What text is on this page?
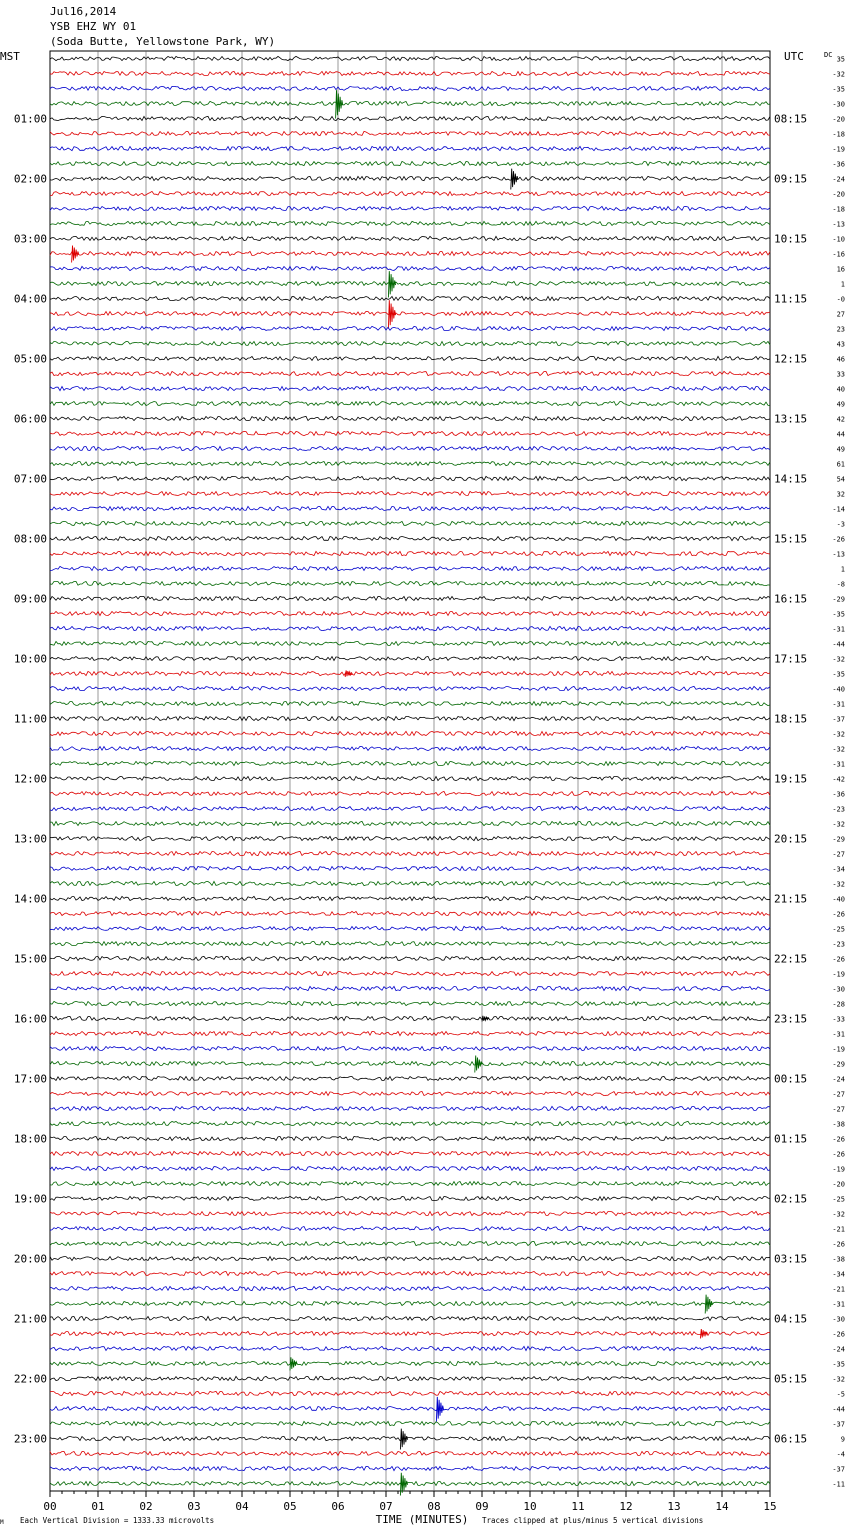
Jul16,2014
YSB EHZ WY 01
(Soda Butte, Yellowstone Park, WY)
MST	UTC	DC
01:00
02:00
03:00
04:00
05:00
06:00
07:00
08:00
09:00
10:00
11:00
12:00
13:00
14:00
15:00
16:00
17:00
18:00
19:00
20:00
21:00
22:00
23:00
08:15
09:15
10:15
11:15
12:15
13:15
14:15
15:15
16:15
17:15
18:15
19:15
20:15
21:15
22:15
23:15
00:15
01:15
02:15
03:15
04:15
05:15
06:15
35
-32
-35
-30
-20
-18
-19
-36
-24
-20
-18
-13
-10
-16
16
1
-0
27
23
43
46
33
40
49
42
44
49
61
54
32
-14
-3
-26
-13
1
-8
-29
-35
-31
-44
-32
-35
-40
-31
-37
-32
-32
-31
-42
-36
-23
-32
-29
-27
-34
-32
-40
-26
-25
-23
-26
-19
-30
-28
-33
-31
-19
-29
-24
-27
-27
-38
-26
-26
-19
-20
-25
-32
-21
-26
-38
-34
-21
-31
-30
-26
-24
-35
-32
-5
-44
-37
9
-4
-37
-11
00	01	02	03	04	05	06	07	08	09	10	11	12	13	14	15
M Each Vertical Division = 1333.33 microvolts	TIME (MINUTES) Traces clipped at plus/minus 5 vertical divisions
